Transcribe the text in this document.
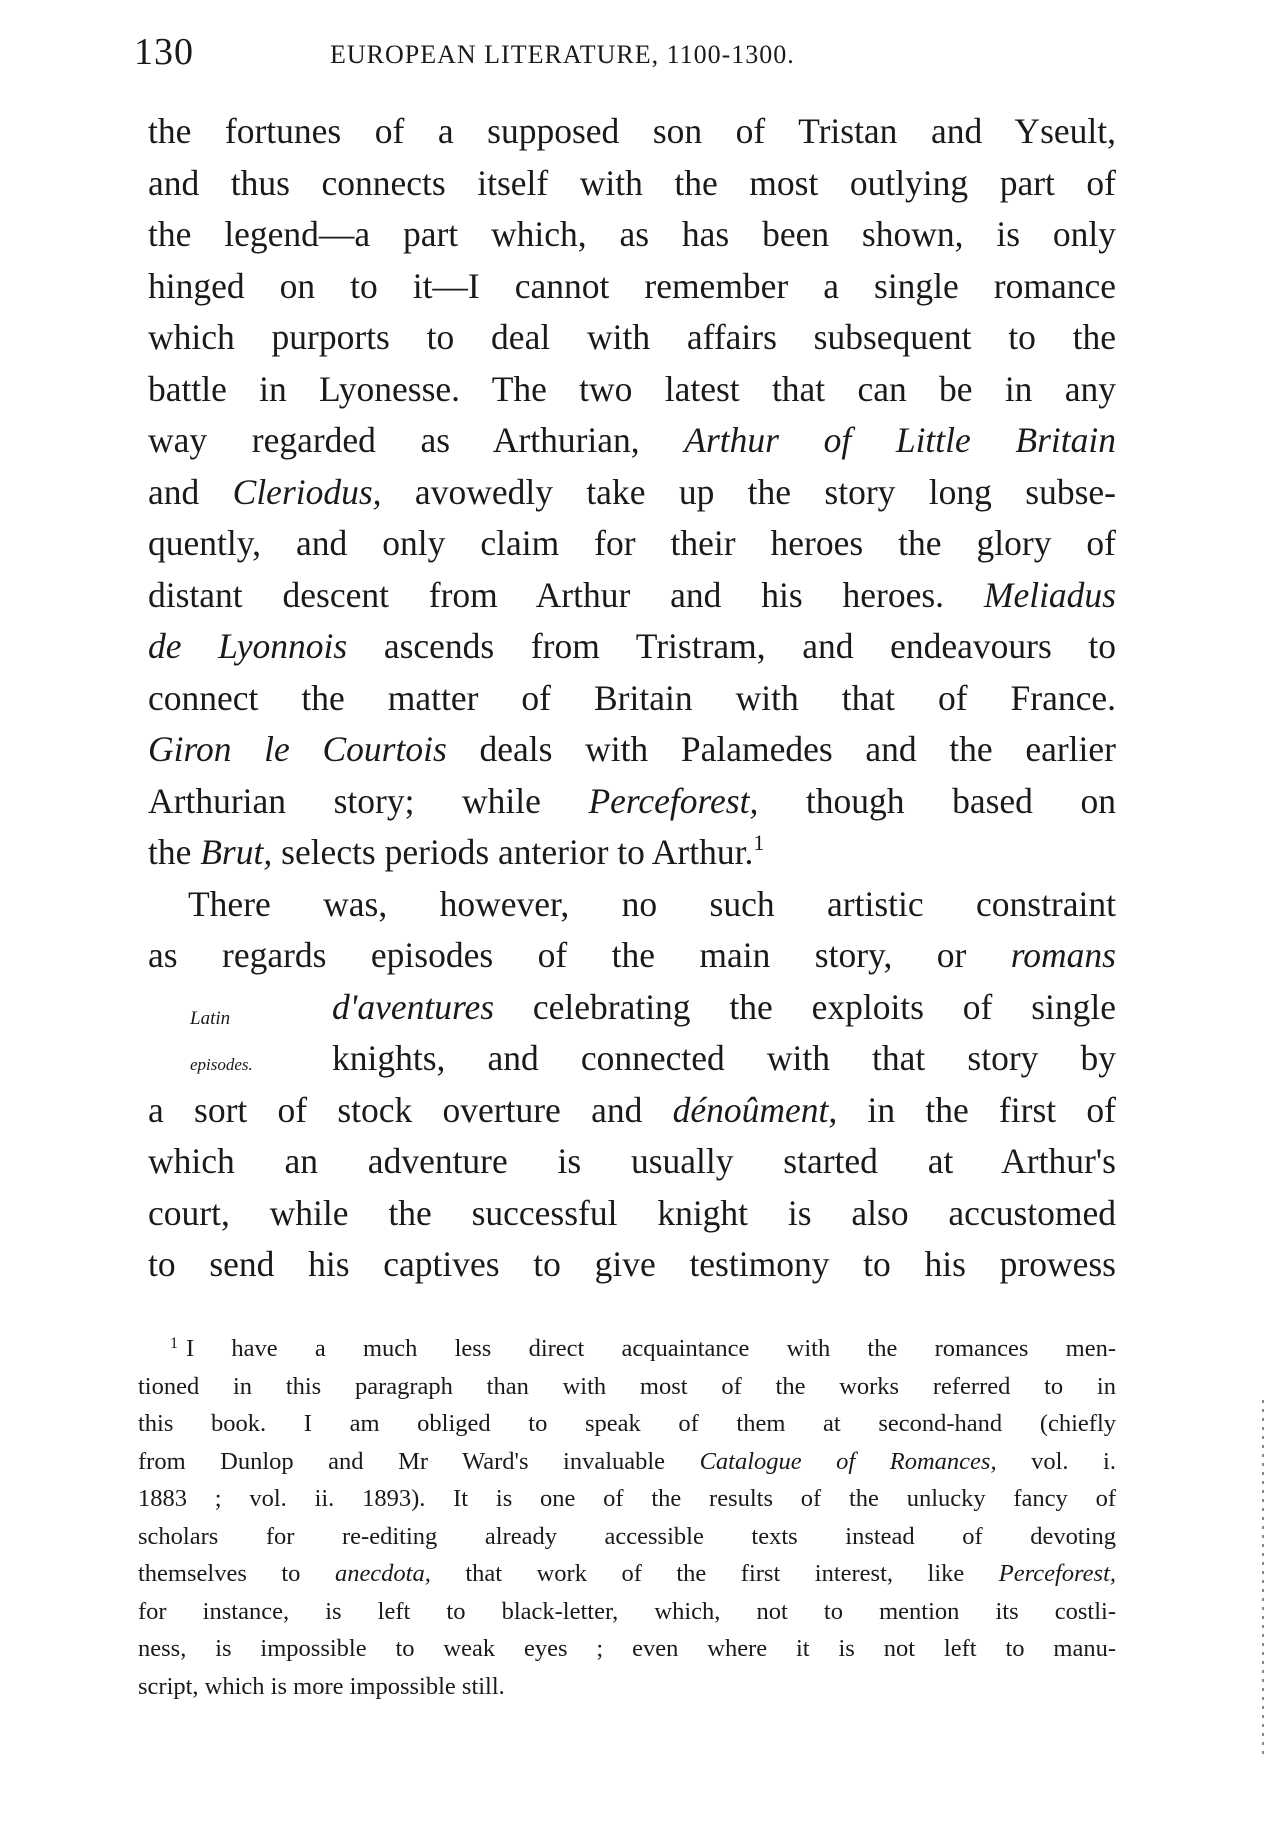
130	EUROPEAN LITERATURE, 1100-1300.
the fortunes of a supposed son of Tristan and Yseult,
and thus connects itself with the most outlying part of
the legend—a part which, as has been shown, is only
hinged on to it—I cannot remember a single romance
which purports to deal with affairs subsequent to the
battle in Lyonesse. The two latest that can be in any
way regarded as Arthurian, Arthur of Little Britain
and Cleriodus, avowedly take up the story long subse-
quently, and only claim for their heroes the glory of
distant descent from Arthur and his heroes. Meliadus
de Lyonnois ascends from Tristram, and endeavours to
connect the matter of Britain with that of France.
Giron le Courtois deals with Palamedes and the earlier
Arthurian story; while Perceforest, though based on
the Brut, selects periods anterior to Arthur.$^1$
There was, however, no such artistic constraint
as regards episodes of the main story, or romans
d'aventures celebrating the exploits of single
knights, and connected with that story by
a sort of stock overture and dénoûment, in the first of
which an adventure is usually started at Arthur's
court, while the successful knight is also accustomed
to send his captives to give testimony to his prowess
Latin
episodes.
$^1$ I have a much less direct acquaintance with the romances men-
tioned in this paragraph than with most of the works referred to in
this book. I am obliged to speak of them at second-hand (chiefly
from Dunlop and Mr Ward's invaluable Catalogue of Romances, vol. i.
1883 ; vol. ii. 1893). It is one of the results of the unlucky fancy of
scholars for re-editing already accessible texts instead of devoting
themselves to anecdota, that work of the first interest, like Perceforest,
for instance, is left to black-letter, which, not to mention its costli-
ness, is impossible to weak eyes ; even where it is not left to manu-
script, which is more impossible still.
